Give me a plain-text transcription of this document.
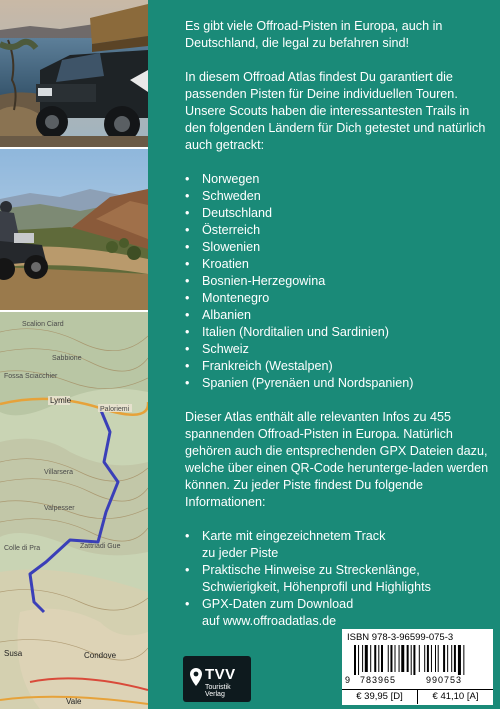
Scalion Ciard
Sabbione
Fossa Sciacchier
Lymle
Paloriemi
Villarsera
Valpesser
Zattriadi Gue
Colle di Pra
Susa	Condove
Vale

Es gibt viele Offroad-Pisten in Europa, auch in Deutschland, die legal zu befahren sind!

In diesem Offroad Atlas findest Du garantiert die passenden Pisten für Deine individuellen Touren. Unsere Scouts haben die interessantesten Trails in den folgenden Ländern für Dich getestet und natürlich auch getrackt:

• Norwegen
• Schweden
• Deutschland
• Österreich
• Slowenien
• Kroatien
• Bosnien-Herzegowina
• Montenegro
• Albanien
• Italien (Norditalien und Sardinien)
• Schweiz
• Frankreich (Westalpen)
• Spanien (Pyrenäen und Nordspanien)

Dieser Atlas enthält alle relevanten Infos zu 455 spannenden Offroad-Pisten in Europa. Natürlich gehören auch die entsprechenden GPX Dateien dazu, welche über einen QR-Code herunterge-laden werden können. Zu jeder Piste findest Du folgende Informationen:

• Karte mit eingezeichnetem Track
zu jeder Piste
• Praktische Hinweise zu Streckenlänge,
Schwierigkeit, Höhenprofil und Highlights
• GPX-Daten zum Download
auf www.offroadatlas.de
TVV
Touristik Verlag
ISBN 978-3-96599-075-3
9 783965	990753
€ 39,95 [D]	€ 41,10 [A]
